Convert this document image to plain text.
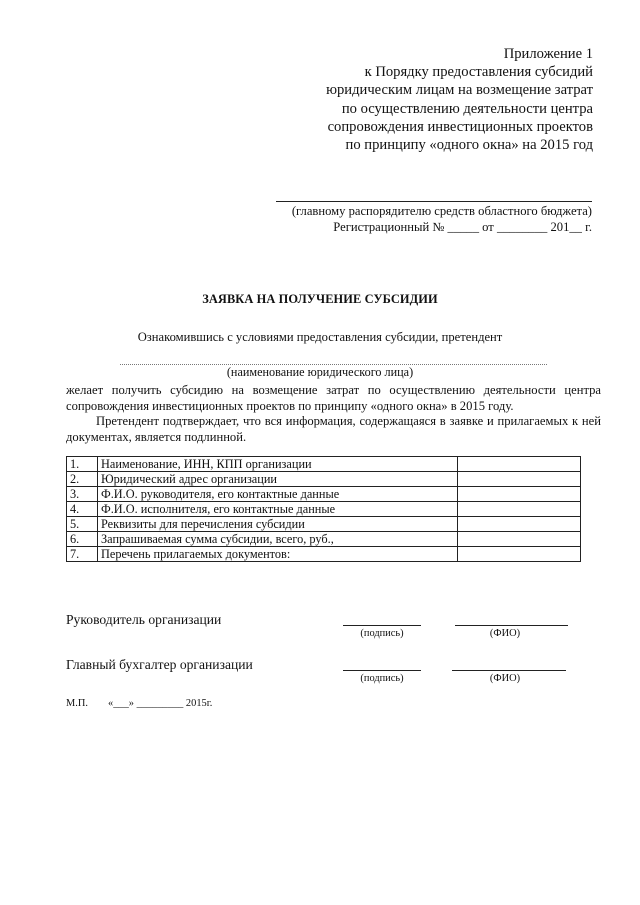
Приложение 1
к Порядку предоставления субсидий
юридическим лицам на возмещение затрат
по осуществлению деятельности центра
сопровождения инвестиционных проектов
по принципу «одного окна» на 2015 год
(главному распорядителю средств областного бюджета)
Регистрационный № _____ от ________ 201__ г.
ЗАЯВКА НА ПОЛУЧЕНИЕ СУБСИДИИ
Ознакомившись с условиями предоставления субсидии, претендент
(наименование юридического лица)
желает получить субсидию на возмещение затрат по осуществлению деятельности центра сопровождения инвестиционных проектов по принципу «одного окна» в 2015 году.
Претендент подтверждает, что вся информация, содержащаяся в заявке и прилагаемых к ней документах, является подлинной.
1.	Наименование, ИНН, КПП организации	
2.	Юридический адрес организации	
3.	Ф.И.О. руководителя, его контактные данные	
4.	Ф.И.О. исполнителя, его контактные данные	
5.	Реквизиты для перечисления субсидии	
6.	Запрашиваемая сумма субсидии, всего, руб.,	
7.	Перечень прилагаемых документов:	
Руководитель организации
(подпись)	(ФИО)
Главный бухгалтер организации
(подпись)	(ФИО)
М.П. «___» _________ 2015г.
